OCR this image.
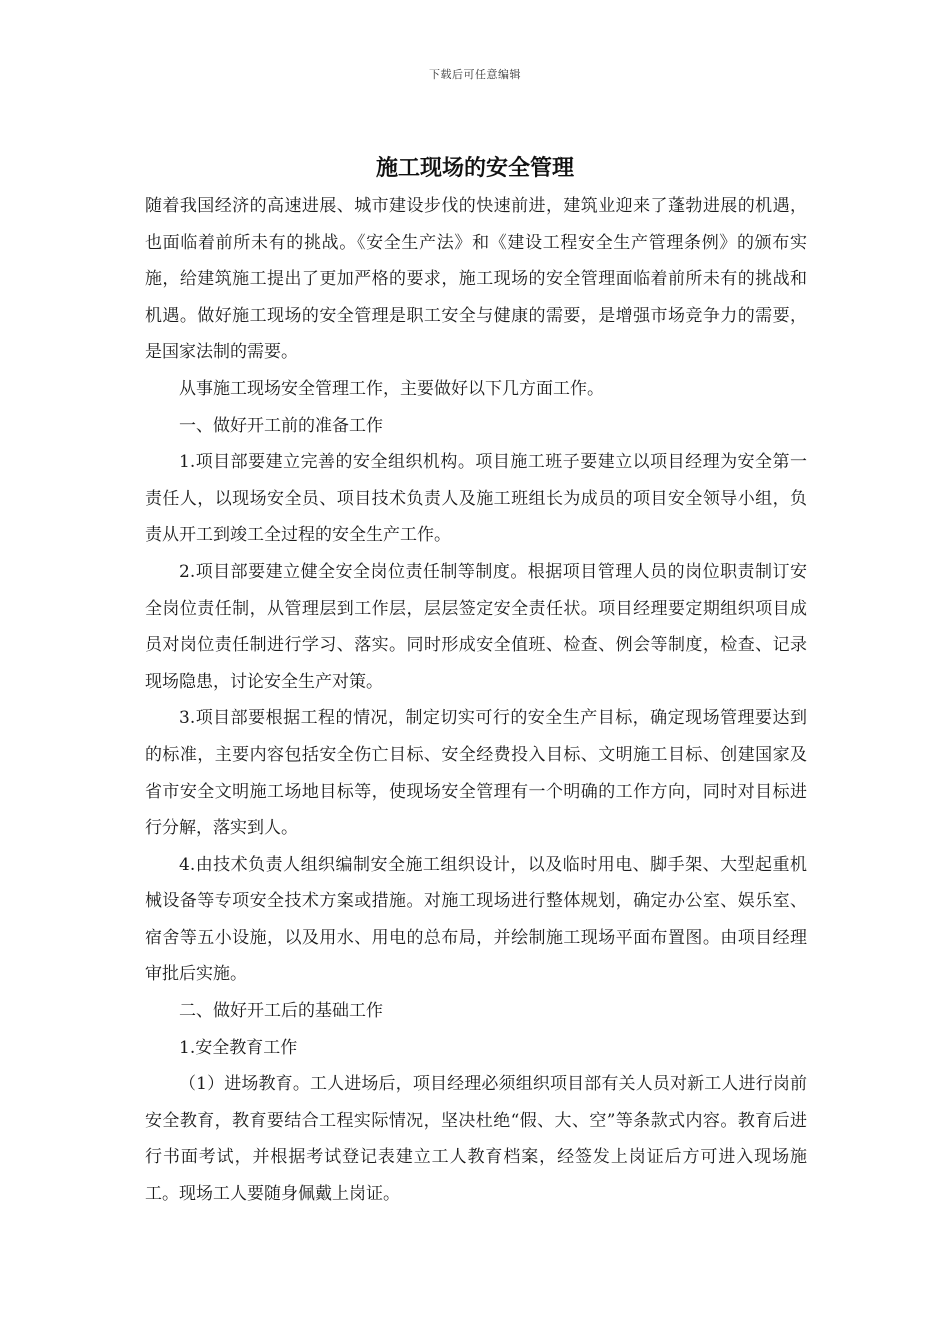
下载后可任意编辑
施工现场的安全管理

随着我国经济的高速进展、城市建设步伐的快速前进，建筑业迎来了蓬勃进展的机遇，也面临着前所未有的挑战。《安全生产法》和《建设工程安全生产管理条例》的颁布实施，给建筑施工提出了更加严格的要求，施工现场的安全管理面临着前所未有的挑战和机遇。做好施工现场的安全管理是职工安全与健康的需要，是增强市场竞争力的需要，是国家法制的需要。

从事施工现场安全管理工作，主要做好以下几方面工作。

一、做好开工前的准备工作

1.项目部要建立完善的安全组织机构。项目施工班子要建立以项目经理为安全第一责任人，以现场安全员、项目技术负责人及施工班组长为成员的项目安全领导小组，负责从开工到竣工全过程的安全生产工作。

2.项目部要建立健全安全岗位责任制等制度。根据项目管理人员的岗位职责制订安全岗位责任制，从管理层到工作层，层层签定安全责任状。项目经理要定期组织项目成员对岗位责任制进行学习、落实。同时形成安全值班、检查、例会等制度，检查、记录现场隐患，讨论安全生产对策。

3.项目部要根据工程的情况，制定切实可行的安全生产目标，确定现场管理要达到的标准，主要内容包括安全伤亡目标、安全经费投入目标、文明施工目标、创建国家及省市安全文明施工场地目标等，使现场安全管理有一个明确的工作方向，同时对目标进行分解，落实到人。

4.由技术负责人组织编制安全施工组织设计，以及临时用电、脚手架、大型起重机械设备等专项安全技术方案或措施。对施工现场进行整体规划，确定办公室、娱乐室、宿舍等五小设施，以及用水、用电的总布局，并绘制施工现场平面布置图。由项目经理审批后实施。

二、做好开工后的基础工作

1.安全教育工作

（1）进场教育。工人进场后，项目经理必须组织项目部有关人员对新工人进行岗前安全教育，教育要结合工程实际情况，坚决杜绝“假、大、空”等条款式内容。教育后进行书面考试，并根据考试登记表建立工人教育档案，经签发上岗证后方可进入现场施工。现场工人要随身佩戴上岗证。
